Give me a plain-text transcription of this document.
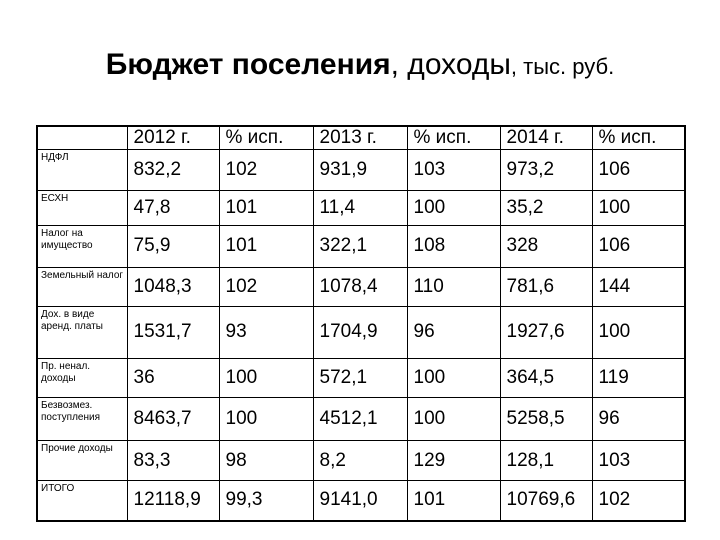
Бюджет поселения, доходы, тыс. руб.
	2012 г.	% исп.	2013 г.	% исп.	2014 г.	% исп.
НДФЛ	832,2	102	931,9	103	973,2	106
ЕСХН	47,8	101	11,4	100	35,2	100
Налог на имущество	75,9	101	322,1	108	328	106
Земельный налог	1048,3	102	1078,4	110	781,6	144
Дох. в виде аренд. платы	1531,7	93	1704,9	96	1927,6	100
Пр. ненал. доходы	36	100	572,1	100	364,5	119
Безвозмез. поступления	8463,7	100	4512,1	100	5258,5	96
Прочие доходы	83,3	98	8,2	129	128,1	103
ИТОГО	12118,9	99,3	9141,0	101	10769,6	102
